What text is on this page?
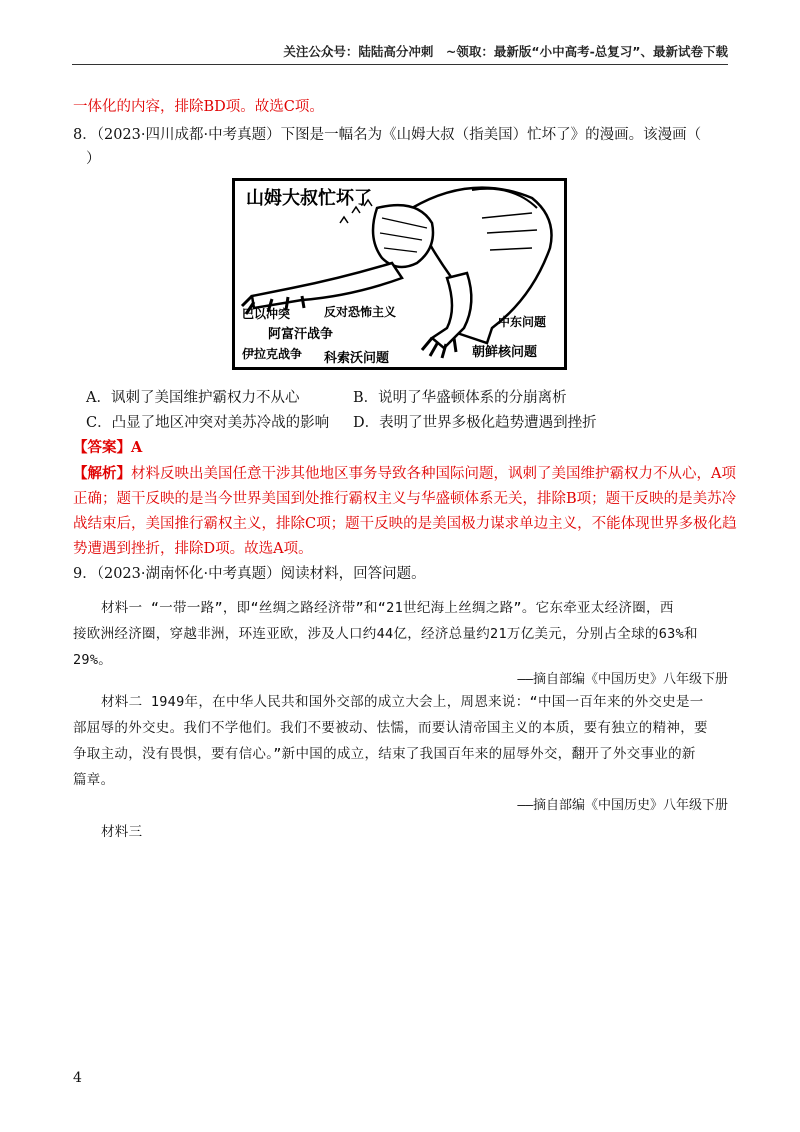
关注公众号：陆陆高分冲刺　~领取：最新版“小中高考-总复习”、最新试卷下载
一体化的内容，排除BD项。故选C项。
8．（2023·四川成都·中考真题）下图是一幅名为《山姆大叔（指美国）忙坏了》的漫画。该漫画（
）
山姆大叔忙坏了
巴以冲突	反对恐怖主义
阿富汗战争
伊拉克战争 科索沃问题
中东问题
朝鲜核问题
A．讽刺了美国维护霸权力不从心	B．说明了华盛顿体系的分崩离析
C．凸显了地区冲突对美苏冷战的影响 D．表明了世界多极化趋势遭遇到挫折
【答案】A
【解析】材料反映出美国任意干涉其他地区事务导致各种国际问题，讽刺了美国维护霸权力不从心，A项
正确；题干反映的是当今世界美国到处推行霸权主义与华盛顿体系无关，排除B项；题干反映的是美苏冷
战结束后，美国推行霸权主义，排除C项；题干反映的是美国极力谋求单边主义，不能体现世界多极化趋
势遭遇到挫折，排除D项。故选A项。
9．（2023·湖南怀化·中考真题）阅读材料，回答问题。
材料一 “一带一路”，即“丝绸之路经济带”和“21世纪海上丝绸之路”。它东牵亚太经济圈，西
接欧洲经济圈，穿越非洲，环连亚欧，涉及人口约44亿，经济总量约21万亿美元，分别占全球的63%和
29%。
——摘自部编《中国历史》八年级下册
材料二 1949年，在中华人民共和国外交部的成立大会上，周恩来说：“中国一百年来的外交史是一
部屈辱的外交史。我们不学他们。我们不要被动、怯懦，而要认清帝国主义的本质，要有独立的精神，要
争取主动，没有畏惧，要有信心。”新中国的成立，结束了我国百年来的屈辱外交，翻开了外交事业的新
篇章。
——摘自部编《中国历史》八年级下册
材料三
4
